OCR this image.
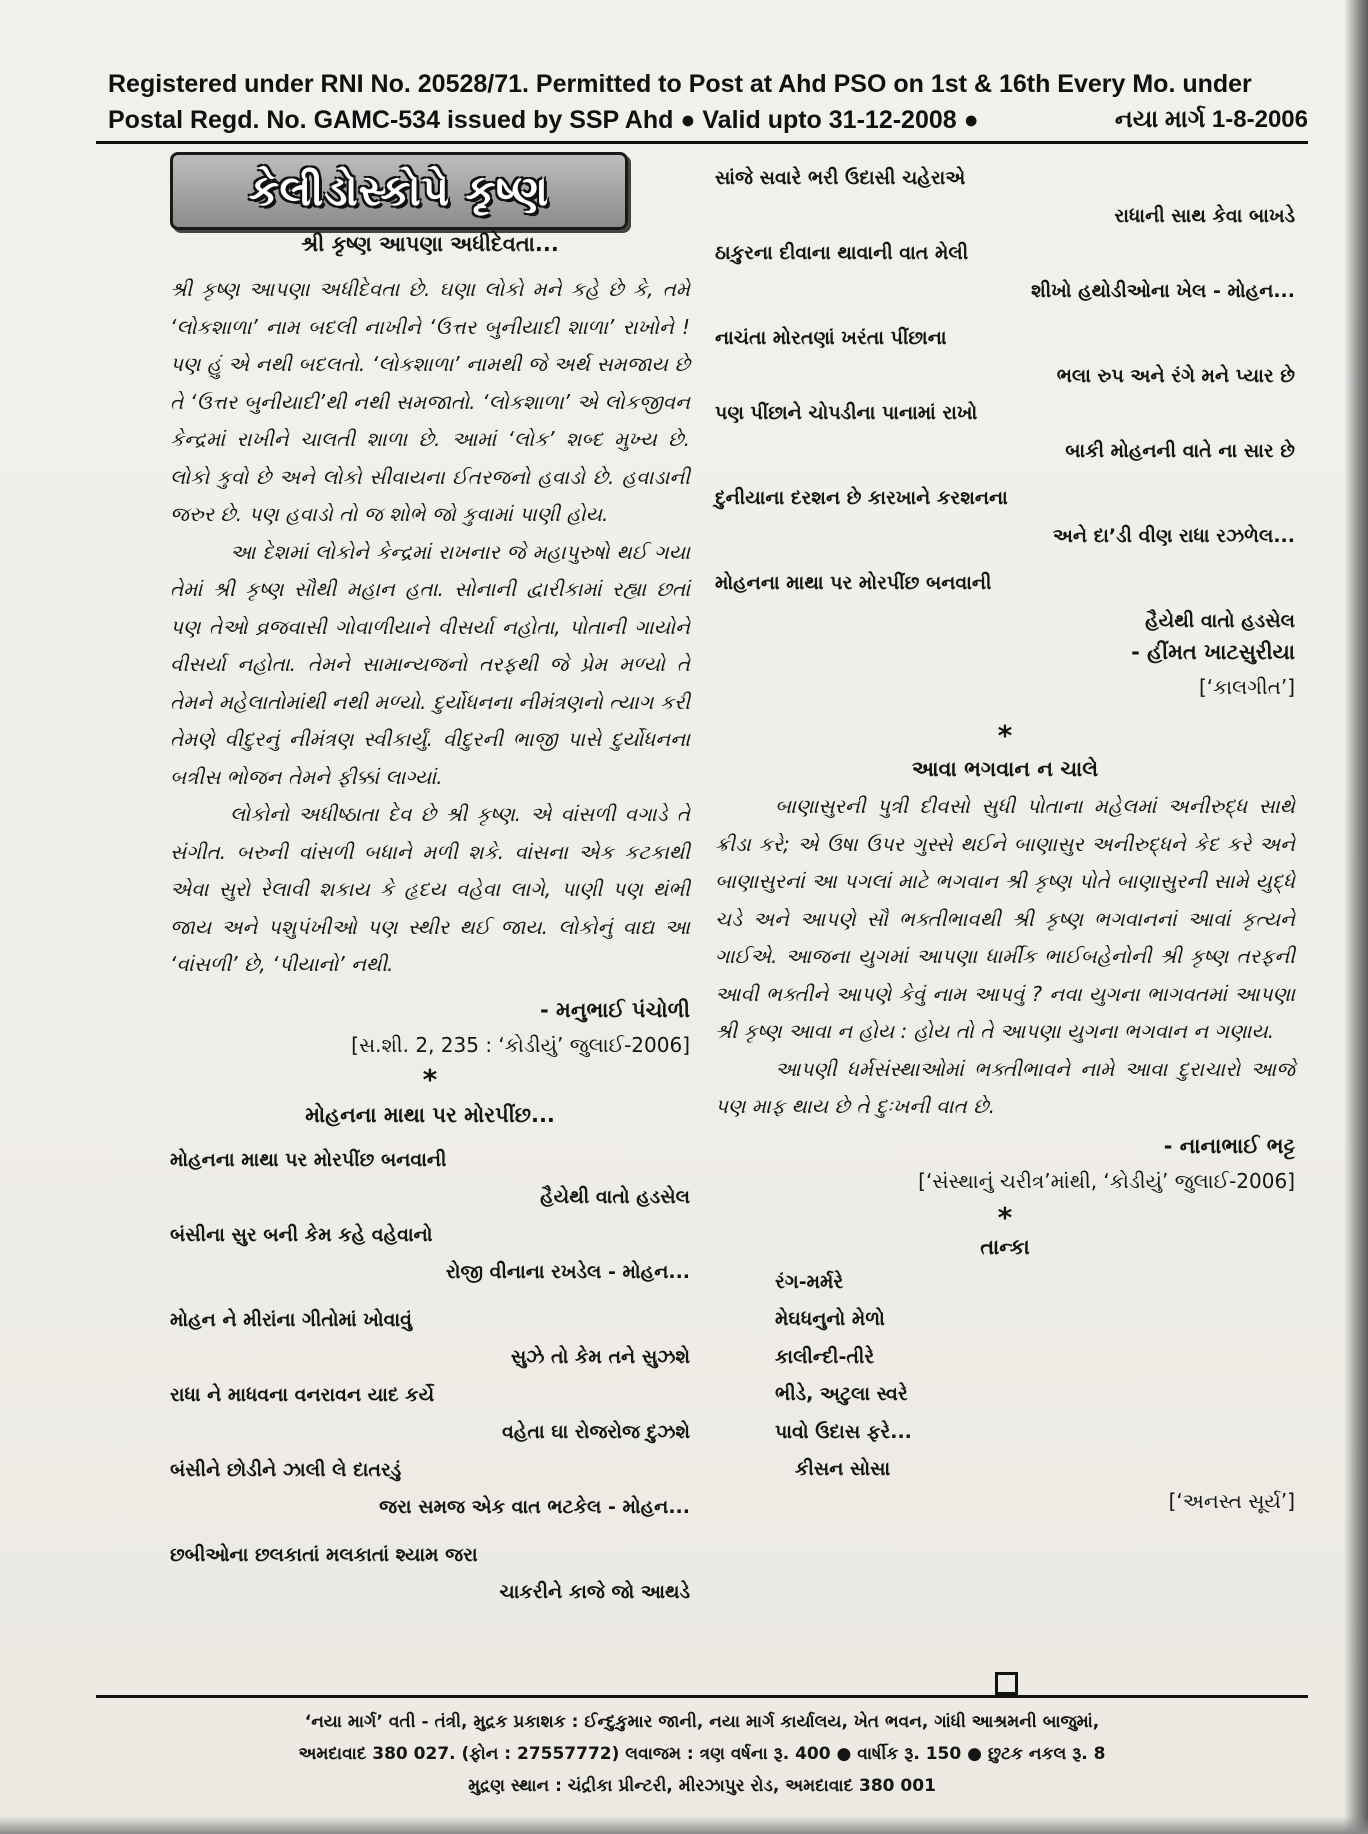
Registered under RNI No. 20528/71. Permitted to Post at Ahd PSO on 1st & 16th Every Mo. under
Postal Regd. No. GAMC-534 issued by SSP Ahd ● Valid upto 31-12-2008 ●	નયા માર્ગ 1-8-2006
કેલીડોસ્કોપે કૃષ્ણ
શ્રી કૃષ્ણ આપણા અધીદેવતા...

શ્રી કૃષ્ણ આપણા અધીદેવતા છે. ઘણા લોકો મને કહે છે કે, તમે ‘લોકશાળા’ નામ બદલી નાખીને ‘ઉત્તર બુનીયાદી શાળા’ રાખોને ! પણ હું એ નથી બદલતો. ‘લોકશાળા’ નામથી જે અર્થ સમજાય છે તે ‘ઉત્તર બુનીયાદી’થી નથી સમજાતો. ‘લોકશાળા’ એ લોકજીવન કેન્દ્રમાં રાખીને ચાલતી શાળા છે. આમાં ‘લોક’ શબ્દ મુખ્ય છે. લોકો કુવો છે અને લોકો સીવાયના ઈતરજનો હવાડો છે. હવાડાની જરુર છે. પણ હવાડો તો જ શોભે જો કુવામાં પાણી હોય.

આ દેશમાં લોકોને કેન્દ્રમાં રાખનાર જે મહાપુરુષો થઈ ગયા તેમાં શ્રી કૃષ્ણ સૌથી મહાન હતા. સોનાની દ્વારીકામાં રહ્યા છતાં પણ તેઓ વ્રજવાસી ગોવાળીયાને વીસર્યા નહોતા, પોતાની ગાયોને વીસર્યા નહોતા. તેમને સામાન્યજનો તરફથી જે પ્રેમ મળ્યો તે તેમને મહેલાતોમાંથી નથી મળ્યો. દુર્યોધનના નીમંત્રણનો ત્યાગ કરી તેમણે વીદુરનું નીમંત્રણ સ્વીકાર્યું. વીદુરની ભાજી પાસે દુર્યોધનના બત્રીસ ભોજન તેમને ફીક્કાં લાગ્યાં.

લોકોનો અધીષ્ઠાતા દેવ છે શ્રી કૃષ્ણ. એ વાંસળી વગાડે તે સંગીત. બરુની વાંસળી બધાને મળી શકે. વાંસના એક કટકાથી એવા સુરો રેલાવી શકાય કે હૃદય વહેવા લાગે, પાણી પણ થંભી જાય અને પશુપંખીઓ પણ સ્થીર થઈ જાય. લોકોનું વાદ્ય આ ‘વાંસળી’ છે, ‘પીયાનો’ નથી.

- મનુભાઈ પંચોળી
[સ.શી. 2, 235 : ‘કોડીયું’ જુલાઈ-2006]
*
મોહનના માથા પર મોરપીંછ...
મોહનના માથા પર મોરપીંછ બનવાની
હૈયેથી વાતો હડસેલ
બંસીના સુર બની કેમ કહે વહેવાનો
રોજી વીનાના રખડેલ - મોહન...
મોહન ને મીરાંના ગીતોમાં ખોવાવું
સુઝે તો કેમ તને સુઝશે
રાધા ને માધવના વનરાવન યાદ કર્યે
વહેતા ઘા રોજરોજ દુઝશે
બંસીને છોડીને ઝાલી લે દાતરડું
જરા સમજ એક વાત ભટકેલ - મોહન...
છબીઓના છલકાતાં મલકાતાં શ્યામ જરા
ચાકરીને કાજે જો આથડે
સાંજે સવારે ભરી ઉદાસી ચહેરાએ
રાધાની સાથ કેવા બાખડે
ઠાકુરના દીવાના થાવાની વાત મેલી
શીખો હથોડીઓના ખેલ - મોહન...
નાચંતા મોરતણાં ખરંતા પીંછાના
ભલા રુપ અને રંગે મને પ્યાર છે
પણ પીંછાને ચોપડીના પાનામાં રાખો
બાકી મોહનની વાતે ના સાર છે
દુનીયાના દરશન છે કારખાને કરશનના
અને દા’ડી વીણ રાધા રઝળેલ...
મોહનના માથા પર મોરપીંછ બનવાની
હૈયેથી વાતો હડસેલ
- હીંમત ખાટસુરીયા
[‘કાલગીત’]
*
આવા ભગવાન ન ચાલે

બાણાસુરની પુત્રી દીવસો સુધી પોતાના મહેલમાં અનીરુદ્ધ સાથે ક્રીડા કરે; એ ઉષા ઉપર ગુસ્સે થઈને બાણાસુર અનીરુદ્ધને કેદ કરે અને બાણાસુરનાં આ પગલાં માટે ભગવાન શ્રી કૃષ્ણ પોતે બાણાસુરની સામે યુદ્ધે ચડે અને આપણે સૌ ભક્તીભાવથી શ્રી કૃષ્ણ ભગવાનનાં આવાં કૃત્યને ગાઈએ. આજના યુગમાં આપણા ધાર્મીક ભાઈબહેનોની શ્રી કૃષ્ણ તરફની આવી ભક્તીને આપણે કેવું નામ આપવું ? નવા યુગના ભાગવતમાં આપણા શ્રી કૃષ્ણ આવા ન હોય : હોય તો તે આપણા યુગના ભગવાન ન ગણાય.

આપણી ધર્મસંસ્થાઓમાં ભક્તીભાવને નામે આવા દુરાચારો આજે પણ માફ થાય છે તે દુઃખની વાત છે.

- નાનાભાઈ ભટ્ટ
[‘સંસ્થાનું ચરીત્ર’માંથી, ‘કોડીયું’ જુલાઈ-2006]
*
તાન્કા
રંગ-મર્મરે
મેઘધનુનો મેળો
કાલીન્દી-તીરે
ભીડે, અટુલા સ્વરે
પાવો ઉદાસ ફરે...
કીસન સોસા
[‘અનસ્ત સૂર્ય’]
‘નયા માર્ગ’ વતી - તંત્રી, મુદ્રક પ્રકાશક : ઈન્દુકુમાર જાની, નયા માર્ગ કાર્યાલય, ખેત ભવન, ગાંધી આશ્રમની બાજુમાં,
અમદાવાદ 380 027. (ફોન : 27557772) લવાજમ : ત્રણ વર્ષના રૂ. 400 ● વાર્ષીક રૂ. 150 ● છુટક નકલ રૂ. 8
મુદ્રણ સ્થાન : ચંદ્રીકા પ્રીન્ટરી, મીરઝાપુર રોડ, અમદાવાદ 380 001
